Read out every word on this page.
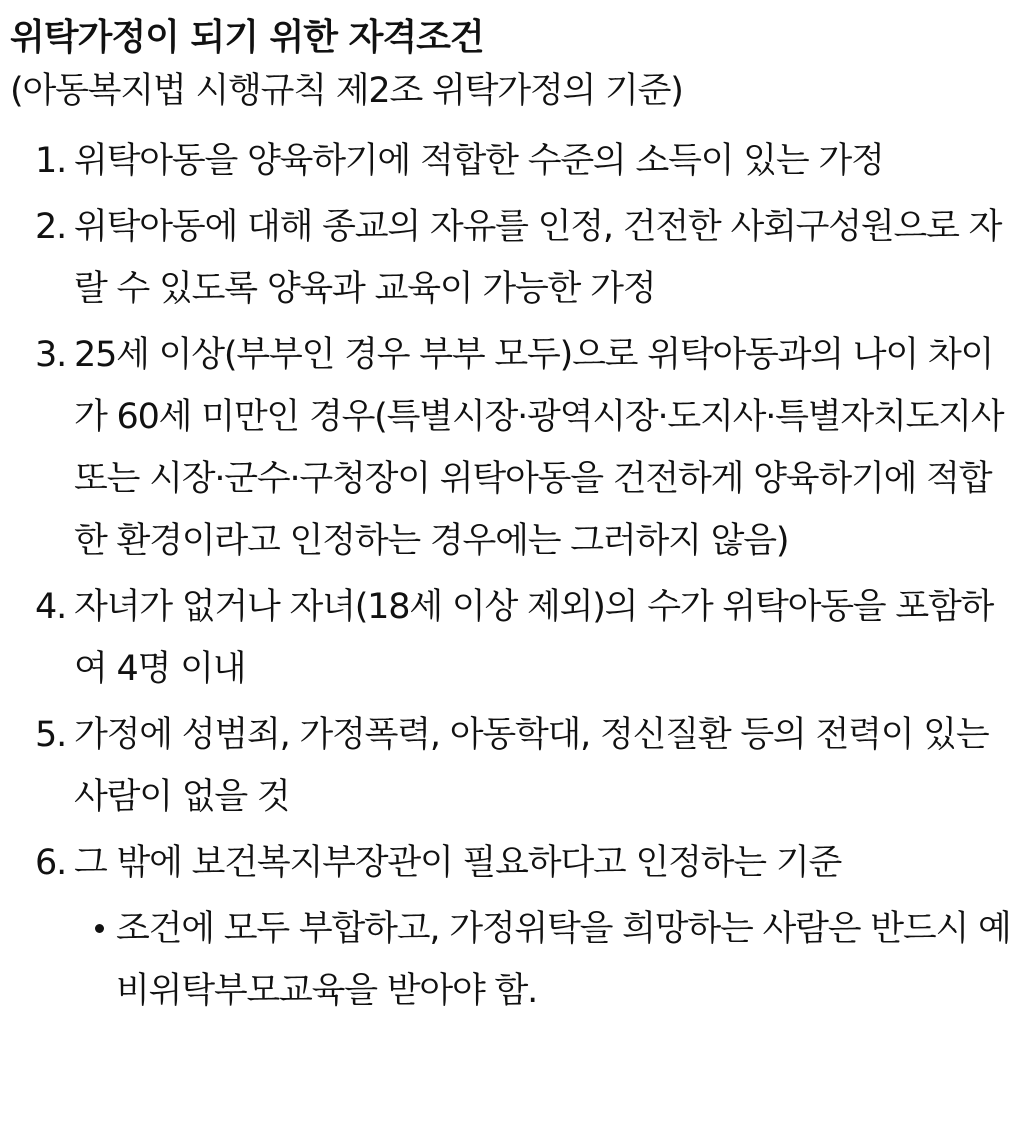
위탁가정이 되기 위한 자격조건
(아동복지법 시행규칙 제2조 위탁가정의 기준)
1. 위탁아동을 양육하기에 적합한 수준의 소득이 있는 가정
2. 위탁아동에 대해 종교의 자유를 인정, 건전한 사회구성원으로 자랄 수 있도록 양육과 교육이 가능한 가정
3. 25세 이상(부부인 경우 부부 모두)으로 위탁아동과의 나이 차이가 60세 미만인 경우(특별시장·광역시장·도지사·특별자치도지사 또는 시장·군수·구청장이 위탁아동을 건전하게 양육하기에 적합한 환경이라고 인정하는 경우에는 그러하지 않음)
4. 자녀가 없거나 자녀(18세 이상 제외)의 수가 위탁아동을 포함하여 4명 이내
5. 가정에 성범죄, 가정폭력, 아동학대, 정신질환 등의 전력이 있는 사람이 없을 것
6. 그 밖에 보건복지부장관이 필요하다고 인정하는 기준
조건에 모두 부합하고, 가정위탁을 희망하는 사람은 반드시 예비위탁부모교육을 받아야 함.
